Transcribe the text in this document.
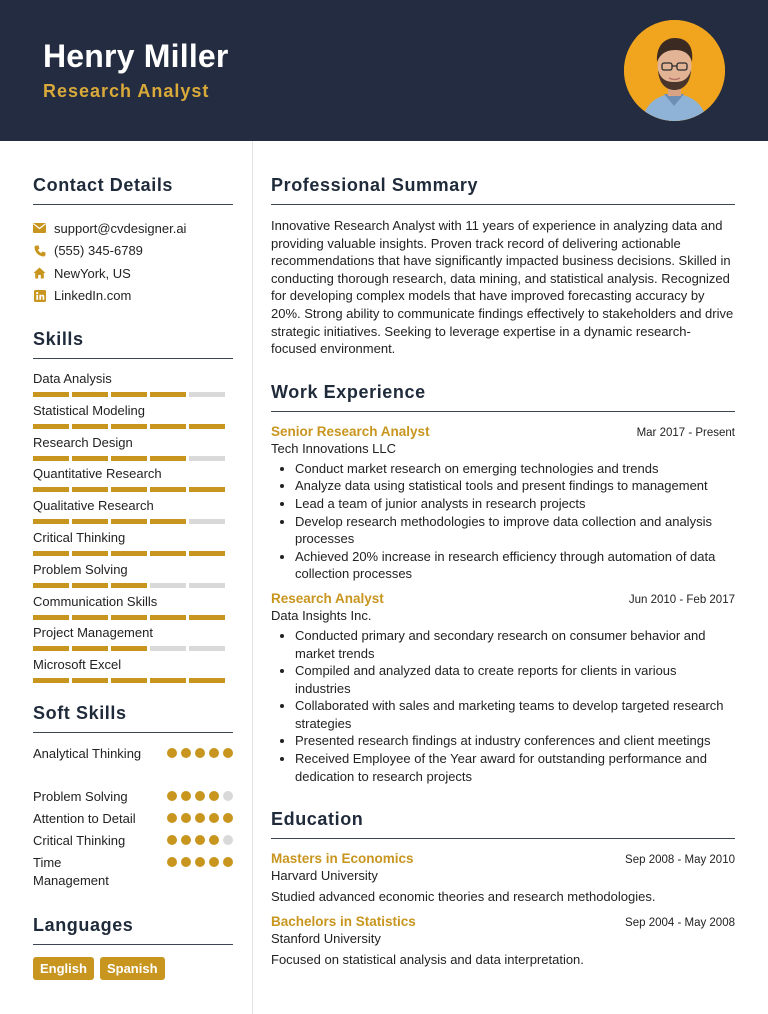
Henry Miller
Research Analyst
Contact Details
support@cvdesigner.ai
(555) 345-6789
NewYork, US
LinkedIn.com
Skills
Data Analysis
Statistical Modeling
Research Design
Quantitative Research
Qualitative Research
Critical Thinking
Problem Solving
Communication Skills
Project Management
Microsoft Excel
Soft Skills
Analytical Thinking
Problem Solving
Attention to Detail
Critical Thinking
Time Management
Languages
English	Spanish
Professional Summary

Innovative Research Analyst with 11 years of experience in analyzing data and providing valuable insights. Proven track record of delivering actionable recommendations that have significantly impacted business decisions. Skilled in conducting thorough research, data mining, and statistical analysis. Recognized for developing complex models that have improved forecasting accuracy by 20%. Strong ability to communicate findings effectively to stakeholders and drive strategic initiatives. Seeking to leverage expertise in a dynamic research-focused environment.

Work Experience
Senior Research Analyst	Mar 2017 - Present
Tech Innovations LLC
• Conduct market research on emerging technologies and trends
• Analyze data using statistical tools and present findings to management
• Lead a team of junior analysts in research projects
• Develop research methodologies to improve data collection and analysis processes
• Achieved 20% increase in research efficiency through automation of data collection processes
Research Analyst	Jun 2010 - Feb 2017
Data Insights Inc.
• Conducted primary and secondary research on consumer behavior and market trends
• Compiled and analyzed data to create reports for clients in various industries
• Collaborated with sales and marketing teams to develop targeted research strategies
• Presented research findings at industry conferences and client meetings
• Received Employee of the Year award for outstanding performance and dedication to research projects
Education
Masters in Economics	Sep 2008 - May 2010
Harvard University
Studied advanced economic theories and research methodologies.
Bachelors in Statistics	Sep 2004 - May 2008
Stanford University
Focused on statistical analysis and data interpretation.
